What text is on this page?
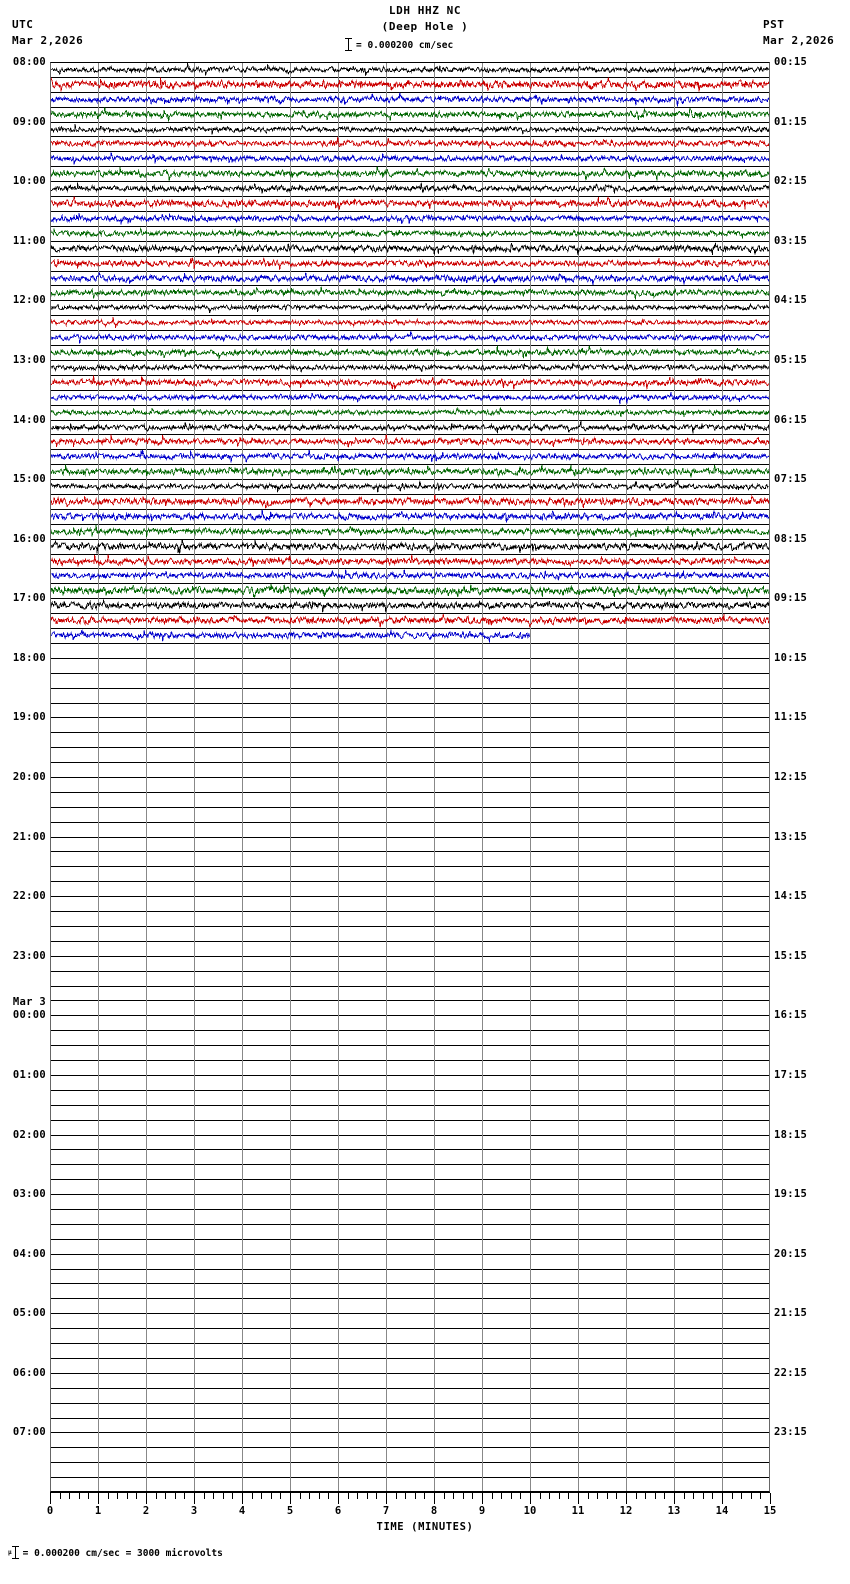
UTC
Mar 2,2026
LDH HHZ NC
(Deep Hole )	PST
Mar 2,2026
= 0.000200 cm/sec
08:00
09:00
10:00
11:00
12:00
13:00
14:00
15:00
16:00
17:00
18:00
19:00
20:00
21:00
22:00
23:00
00:00
01:00
02:00
03:00
04:00
05:00
06:00
07:00
Mar 3
00:15
01:15
02:15
03:15
04:15
05:15
06:15
07:15
08:15
09:15
10:15
11:15
12:15
13:15
14:15
15:15
16:15
17:15
18:15
19:15
20:15
21:15
22:15
23:15
0	1	2	3	4	5	6	7	8	9	10	11	12	13	14	15
TIME (MINUTES)
$^\mu$ = 0.000200 cm/sec = 3000 microvolts
